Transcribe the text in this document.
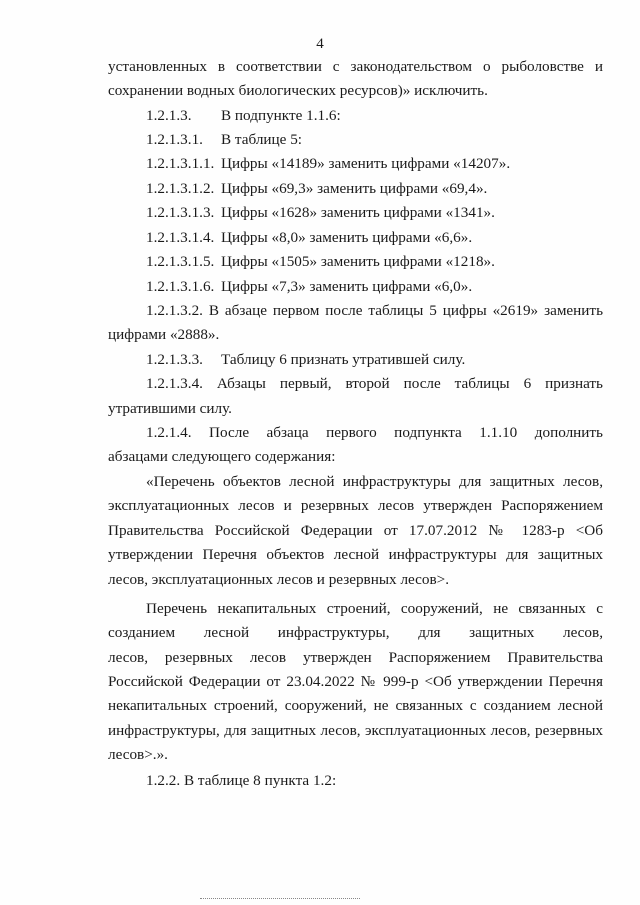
4
установленных в соответствии с законодательством о рыболовстве и
сохранении водных биологических ресурсов)» исключить.
1.2.1.3. В подпункте 1.1.6:
1.2.1.3.1. В таблице 5:
1.2.1.3.1.1. Цифры «14189» заменить цифрами «14207».
1.2.1.3.1.2. Цифры «69,3» заменить цифрами «69,4».
1.2.1.3.1.3. Цифры «1628» заменить цифрами «1341».
1.2.1.3.1.4. Цифры «8,0» заменить цифрами «6,6».
1.2.1.3.1.5. Цифры «1505» заменить цифрами «1218».
1.2.1.3.1.6. Цифры «7,3» заменить цифрами «6,0».
1.2.1.3.2. В абзаце первом после таблицы 5 цифры «2619» заменить
цифрами «2888».
1.2.1.3.3. Таблицу 6 признать утратившей силу.
1.2.1.3.4. Абзацы первый, второй после таблицы 6 признать
утратившими силу.
1.2.1.4. После абзаца первого подпункта 1.1.10 дополнить
абзацами следующего содержания:
«Перечень объектов лесной инфраструктуры для защитных лесов,
эксплуатационных лесов и резервных лесов утвержден Распоряжением
Правительства Российской Федерации от 17.07.2012 № 1283-р <Об
утверждении Перечня объектов лесной инфраструктуры для защитных
лесов, эксплуатационных лесов и резервных лесов>.
Перечень некапитальных строений, сооружений, не связанных с
созданием лесной инфраструктуры, для защитных лесов,
лесов, резервных лесов утвержден Распоряжением Правительства
Российской Федерации от 23.04.2022 № 999-р <Об утверждении Перечня
некапитальных строений, сооружений, не связанных с созданием лесной
инфраструктуры, для защитных лесов, эксплуатационных лесов, резервных
лесов>.».
1.2.2. В таблице 8 пункта 1.2:
